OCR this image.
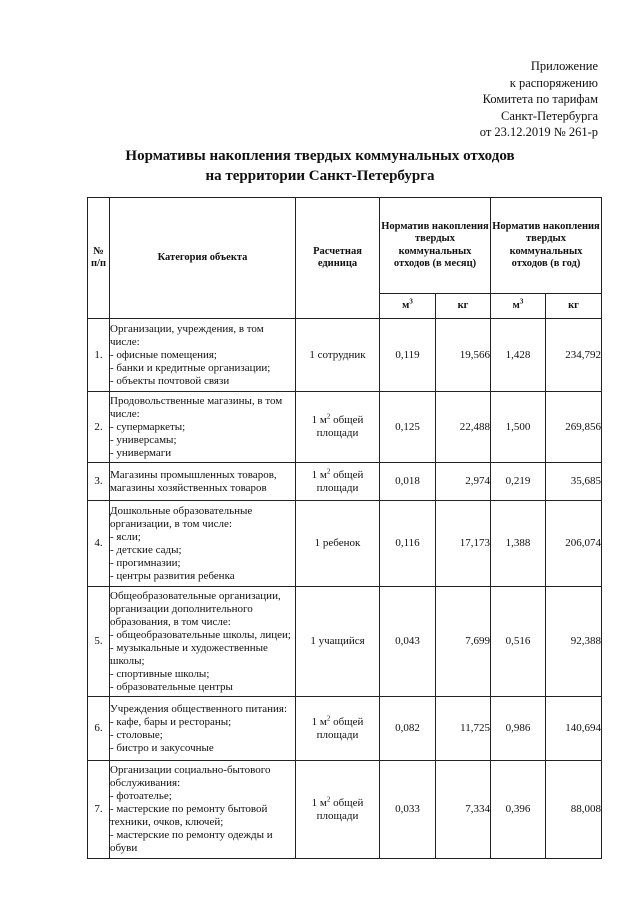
Приложение
к распоряжению
Комитета по тарифам
Санкт-Петербурга
от 23.12.2019 № 261-р
Нормативы накопления твердых коммунальных отходов
на территории Санкт-Петербурга
№ п/п	Категория объекта	Расчетная единица	Норматив накопления твердых коммунальных отходов (в месяц)		Норматив накопления твердых коммунальных отходов (в год)	
			$м^3$	кг	$м^3$	кг
1.	Организации, учреждения, в том числе:
- офисные помещения;
- банки и кредитные организации;
- объекты почтовой связи	1 сотрудник	0,119	19,566	1,428	234,792
2.	Продовольственные магазины, в том числе:
- супермаркеты;
- универсамы;
- универмаги	1 $м^2$ общей площади	0,125	22,488	1,500	269,856
3.	Магазины промышленных товаров, магазины хозяйственных товаров	1 $м^2$ общей площади	0,018	2,974	0,219	35,685
4.	Дошкольные образовательные организации, в том числе:
- ясли;
- детские сады;
- прогимназии;
- центры развития ребенка	1 ребенок	0,116	17,173	1,388	206,074
5.	Общеобразовательные организации, организации дополнительного образования, в том числе:
- общеобразовательные школы, лицеи;
- музыкальные и художественные школы;
- спортивные школы;
- образовательные центры	1 учащийся	0,043	7,699	0,516	92,388
6.	Учреждения общественного питания:
- кафе, бары и рестораны;
- столовые;
- бистро и закусочные	1 $м^2$ общей площади	0,082	11,725	0,986	140,694
7.	Организации социально-бытового обслуживания:
- фотоателье;
- мастерские по ремонту бытовой техники, очков, ключей;
- мастерские по ремонту одежды и обуви	1 $м^2$ общей площади	0,033	7,334	0,396	88,008
